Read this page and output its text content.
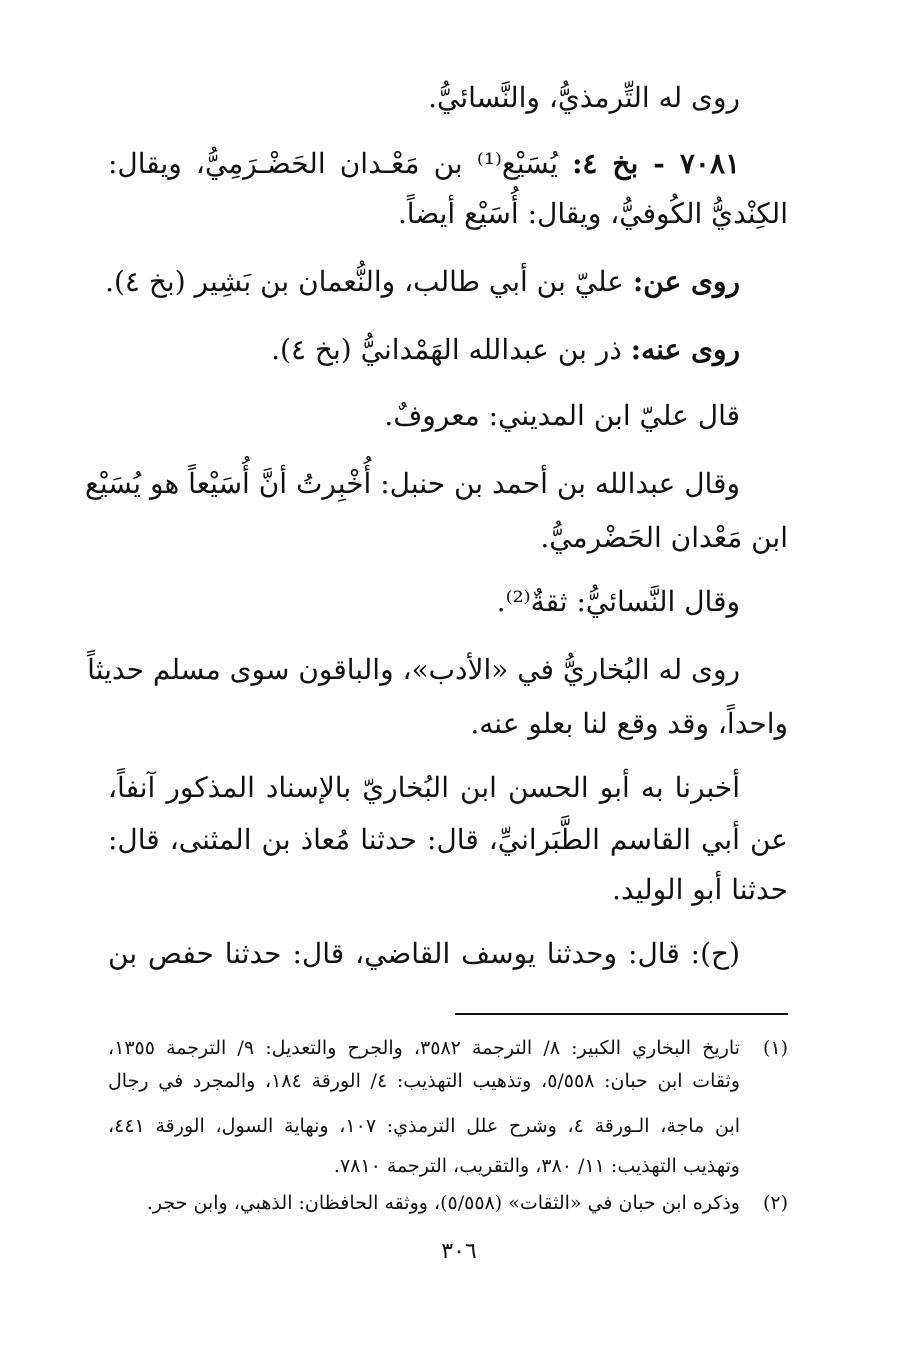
روى له التِّرمذيُّ، والنَّسائيُّ.
٧٠٨١ - بخ ٤: يُسَيْع⁽¹⁾ بن مَعْـدان الحَضْـرَمِيُّ، ويقال:
الكِنْديُّ الكُوفيُّ، ويقال: أُسَيْع أيضاً.
روى عن: عليّ بن أبي طالب، والنُّعمان بن بَشِير (بخ ٤).
روى عنه: ذر بن عبدالله الهَمْدانيُّ (بخ ٤).
قال عليّ ابن المديني: معروفٌ.
وقال عبدالله بن أحمد بن حنبل: أُخْبِرتُ أنَّ أُسَيْعاً هو يُسَيْع
ابن مَعْدان الحَضْرميُّ.
وقال النَّسائيُّ: ثقةٌ⁽²⁾.
روى له البُخاريُّ في «الأدب»، والباقون سوى مسلم حديثاً
واحداً، وقد وقع لنا بعلو عنه.
أخبرنا به أبو الحسن ابن البُخاريّ بالإسناد المذكور آنفاً،
عن أبي القاسم الطَّبَرانيِّ، قال: حدثنا مُعاذ بن المثنى، قال:
حدثنا أبو الوليد.
(ح): قال: وحدثنا يوسف القاضي، قال: حدثنا حفص بن
(١)تاريخ البخاري الكبير: ٨/ الترجمة ٣٥٨٢، والجرح والتعديل: ٩/ الترجمة ١٣٥٥،
وثقات ابن حبان: ٥/٥٥٨، وتذهيب التهذيب: ٤/ الورقة ١٨٤، والمجرد في رجال
ابن ماجة، الـورقة ٤، وشرح علل الترمذي: ١٠٧، ونهاية السول، الورقة ٤٤١،
وتهذيب التهذيب: ١١/ ٣٨٠، والتقريب، الترجمة ٧٨١٠.
(٢)وذكره ابن حبان في «الثقات» (٥/٥٥٨)، ووثقه الحافظان: الذهبي، وابن حجر.
٣٠٦
